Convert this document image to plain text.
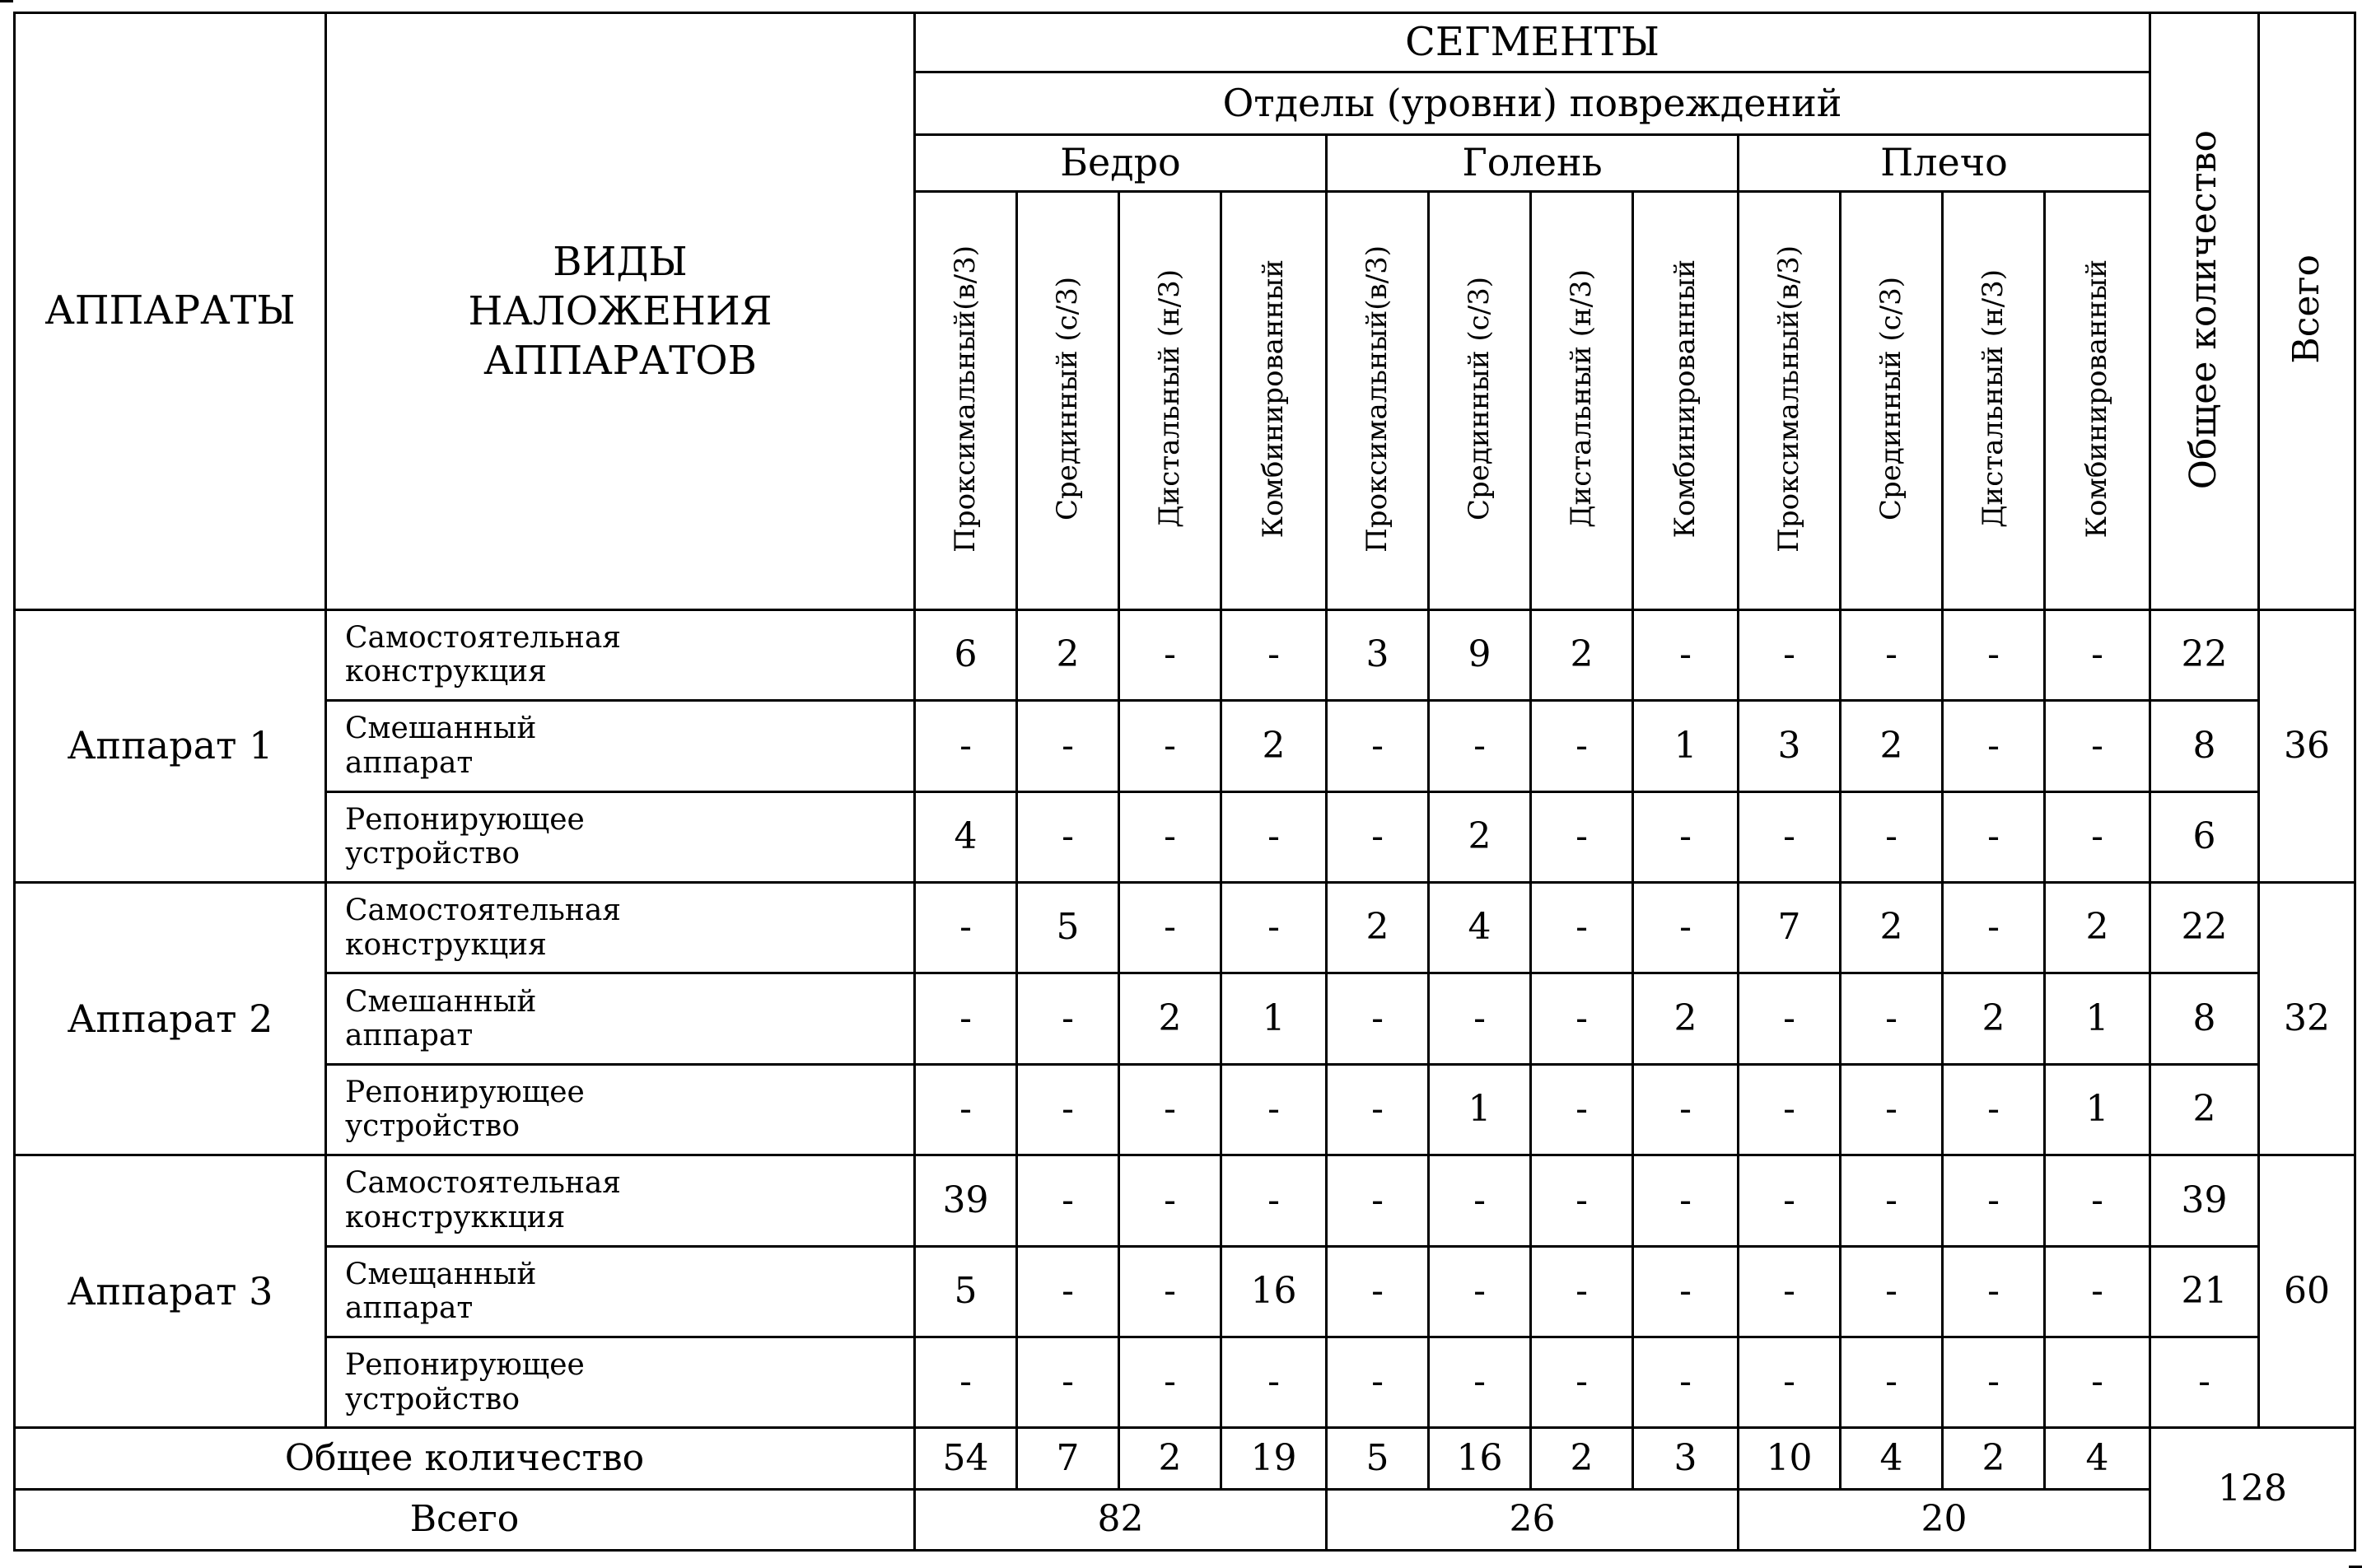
АППАРАТЫ	ВИДЫ НАЛОЖЕНИЯ АППАРАТОВ	СЕГМЕНТЫ												Общее количество	Всего
		Отделы (уровни) повреждений													
		Бедро				Голень				Плечо					
		Проксимальный(в/3)	Срединный (с/3)	Дистальный (н/3)	Комбинированный	Проксимальный(в/3)	Срединный (с/3)	Дистальный (н/3)	Комбинированный	Проксимальный(в/3)	Срединный (с/3)	Дистальный (н/3)	Комбинированный		
Аппарат 1	Самостоятельная конструкция	6	2	-	-	3	9	2	-	-	-	-	-	22	36

	Смешанный аппарат	-	-	-	2	-	-	-	1	3	2	-	-	8	

	Репонирующее устройство	4	-	-	-	-	2	-	-	-	-	-	-	6	
Аппарат 2	Самостоятельная конструкция	-	5	-	-	2	4	-	-	7	2	-	2	22	32

	Смешанный аппарат	-	-	2	1	-	-	-	2	-	-	2	1	8	

	Репонирующее устройство	-	-	-	-	-	1	-	-	-	-	-	1	2	
Аппарат 3	Самостоятельная конструккция	39	-	-	-	-	-	-	-	-	-	-	-	39	60

	Смещанный аппарат	5	-	-	16	-	-	-	-	-	-	-	-	21	

	Репонирующее устройство	-	-	-	-	-	-	-	-	-	-	-	-	-	
Общее количество		54	7	2	19	5	16	2	3	10	4	2	4	128	
Всего		82				26				20					
